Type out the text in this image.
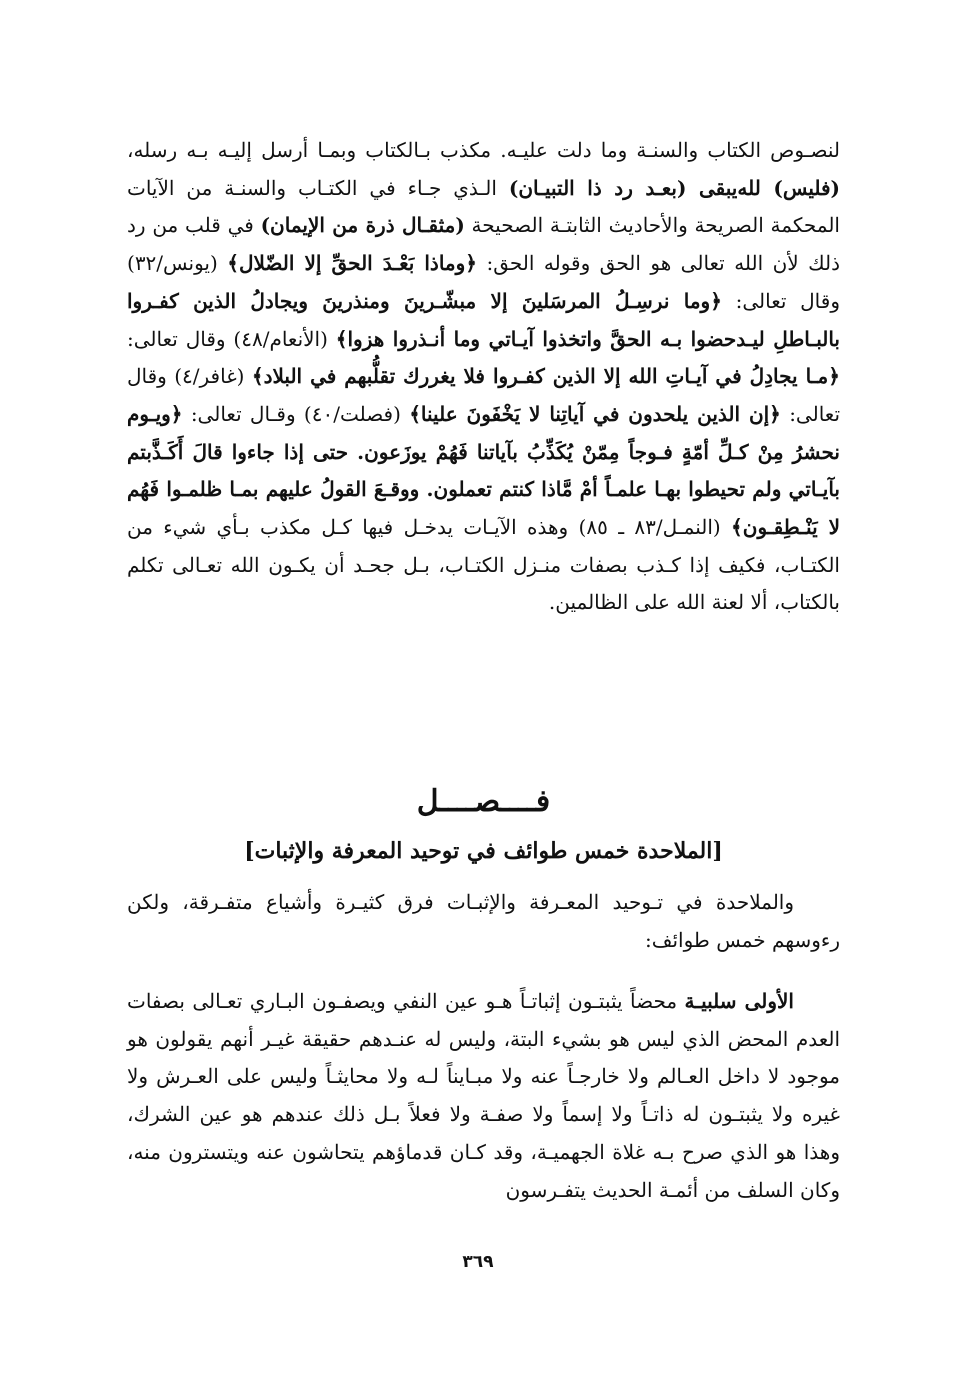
لنصـوص الكتاب والسنـة وما دلت عليـه. مكذب بـالكتاب وبمـا أرسل إليـه بـه رسله، (فليس) لله‌يبقى (بعـد رد ذا التبيـان) الـذي جـاء في الكتـاب والسنـة من الآيات المحكمة الصريحة والأحاديث الثابتـة الصحيحة (مثقـال ذرة من الإيمان) في قلب من رد ذلك لأن الله تعالى هو الحق وقوله الحق: ﴿وماذا بَعْـدَ الحقِّ إلا الضّلال﴾ (يونس/٣٢) وقال تعالى: ﴿وما نرسِـلُ المرسَلينَ إلا مبشّـرينَ ومنذرينَ ويجادلُ الذين كفـروا بالبـاطلِ ليـدحضوا بـه الحقَّ واتخذوا آيـاتي وما أنـذروا هزوا﴾ (الأنعام/٤٨) وقال تعالى: ﴿مـا يجادِلُ في آيـاتِ الله إلا الذين كفـروا فلا يغررك تقلُّبهم في البلاد﴾ (غافر/٤) وقال تعالى: ﴿إن الذين يلحدون في آياتِنا لا يَخْفَونَ علينا﴾ (فصلت/٤٠) وقـال تعالى: ﴿ويـوم نحشرُ مِنْ كـلِّ أمّةٍ فـوجاً مِمّنْ يُكَذِّبُ بآياتنا فَهُمْ يوزَعون. حتى إذا جاءوا قالَ أَكَـذَّبتم بآيـاتي ولم تحيطوا بهـا علمـاً أمْ مَّاذا كنتم تعملون. ووقـعَ القولُ عليهم بمـا ظلمـوا فَهُم لا يَنْـطِقـون﴾ (النمـل/٨٣ ـ ٨٥) وهذه الآيـات يدخـل فيها كـل مكذب بـأي شيء من الكتـاب، فكيف إذا كـذب بصفات منـزل الكتـاب، بـل جحـد أن يكـون الله تعـالى تكلم بالكتاب، ألا لعنة الله على الظالمين.

فــــصــــل
[الملاحدة خمس طوائف في توحيد المعرفة والإثبات]

والملاحدة في تـوحيد المعـرفة والإثبـات فرق كثيـرة وأشياع متفـرقة، ولكن رءوسهم خمس طوائف:

الأولى سلبيـة محضاً يثبتـون إثباتـاً هـو عين النفي ويصفـون البـاري تعـالى بصفات العدم المحض الذي ليس هو بشيء البتة، وليس له عنـدهم حقيقة غيـر أنهم يقولون هو موجود لا داخل العـالم ولا خارجـاً عنه ولا مبـايناً لـه ولا محايثـاً وليس على العـرش ولا غيره ولا يثبتـون له ذاتـاً ولا إسماً ولا صفـة ولا فعلاً بـل ذلك عندهم هو عين الشرك، وهذا هو الذي صرح بـه غلاة الجهميـة، وقد كـان قدماؤهم يتحاشون عنه ويتسترون منه، وكان السلف من أئمـة الحديث يتفـرسون

٣٦٩
